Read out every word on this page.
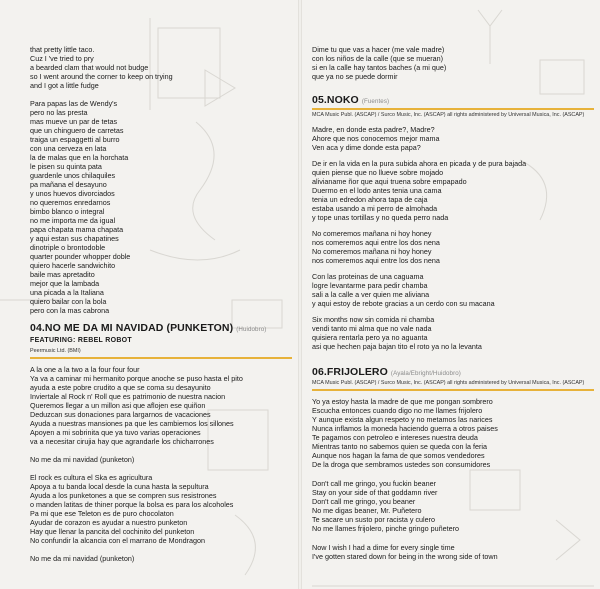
that pretty little taco.
Cuz I 've tried to pry
a bearded clam that would not budge
so I went around the corner to keep on trying
and I got a little fudge
Para papas las de Wendy's
pero no las presta
mas mueve un par de tetas
que un chinguero de carretas
traiga un espaggetti al burro
con una cerveza en lata
la de malas que en la horchata
le pisen su quinta pata
guardenle unos chilaquiles
pa mañana el desayuno
y unos huevos divorciados
no queremos enredarnos
bimbo blanco o integral
no me importa me da igual
papa chapata mama chapata
y aqui estan sus chapatines
dinotriple o brontodoble
quarter pounder whopper doble
quiero hacerle sandwichito
baile mas apretadito
mejor que la lambada
una picada a la Italiana
quiero bailar con la bola
pero con la mas cabrona
04.NO ME DA MI NAVIDAD (PUNKETON) (Huidobro)
FEATURING: REBEL ROBOT
Peermusic Ltd. (BMI)
A la one a la two a la four four four
Ya va a caminar mi hermanito porque anoche se puso hasta el pito
ayuda a este pobre crudito a que se coma su desayunito
Inviertale al Rock n' Roll que es patrimonio de nuestra nacion
Queremos llegar a un millon asi que aflojen ese quiñon
Deduzcan sus donaciones para largarnos de vacaciones
Ayuda a nuestras mansiones pa que les cambiemos los sillones
Apoyen a mi sobrinita que ya tuvo varias operaciones
va a necesitar cirujia hay que agrandarle los chicharrones
No me da mi navidad (punketon)
El rock es cultura el Ska es agricultura
Apoya a tu banda local desde la cuna hasta la sepultura
Ayuda a los punketones a que se compren sus resistrones
o manden latitas de thiner porque la bolsa es para los alcoholes
Pa mi que ese Teleton es de puro chocolaton
Ayudar de corazon es ayudar a nuestro punketon
Hay que llenar la pancita del cochinito del punketon
No confundir la alcancia con el marrano de Mondragon
No me da mi navidad (punketon)
Dime tu que vas a hacer (me vale madre)
con los niños de la calle (que se mueran)
si en la calle hay tantos baches (a mi que)
que ya no se puede dormir
05.NOKO (Fuentes)
MCA Music Publ. (ASCAP) / Surco Music, Inc. (ASCAP) all rights administered by Universal Musica, Inc. (ASCAP)
Madre, en donde esta padre?, Madre?
Ahore que nos conocemos mejor mama
Ven aca y dime donde esta papa?
De ir en la vida en la pura subida ahora en picada y de pura bajada
quien piense que no llueve sobre mojado
alivianame ñor que aqui truena sobre empapado
Duermo en el lodo antes tenia una cama
tenia un edredon ahora tapa de caja
estaba usando a mi perro de almohada
y tope unas tortillas y no queda perro nada
No comeremos mañana ni hoy honey
nos comeremos aqui entre los dos nena
No comeremos mañana ni hoy honey
nos comeremos aqui entre los dos nena
Con las proteinas de una caguama
logre levantarme para pedir chamba
sali a la calle a ver quien me aliviana
y aqui estoy de rebote gracias a un cerdo con su macana
Six months now sin comida ni chamba
vendi tanto mi alma que no vale nada
quisiera rentarla pero ya no aguanta
asi que hechen paja bajan tito el roto ya no la levanta
06.FRIJOLERO (Ayala/Ebright/Huidobro)
MCA Music Publ. (ASCAP) / Surco Music, Inc. (ASCAP) all rights administered by Universal Musica, Inc. (ASCAP)
Yo ya estoy hasta la madre de que me pongan sombrero
Escucha entonces cuando digo no me llames frijolero
Y aunque exista algun respeto y no metamos las narices
Nunca inflamos la moneda haciendo guerra a otros paises
Te pagamos con petroleo e intereses nuestra deuda
Mientras tanto no sabemos quien se queda con la feria
Aunque nos hagan la fama de que somos vendedores
De la droga que sembramos ustedes son consumidores
Don't call me gringo, you fuckin beaner
Stay on your side of that goddamn river
Don't call me gringo, you beaner
No me digas beaner, Mr. Puñetero
Te sacare un susto por racista y culero
No me llames frijolero, pinche gringo puñetero
Now I wish I had a dime for every single time
I've gotten stared down for being in the wrong side of town
